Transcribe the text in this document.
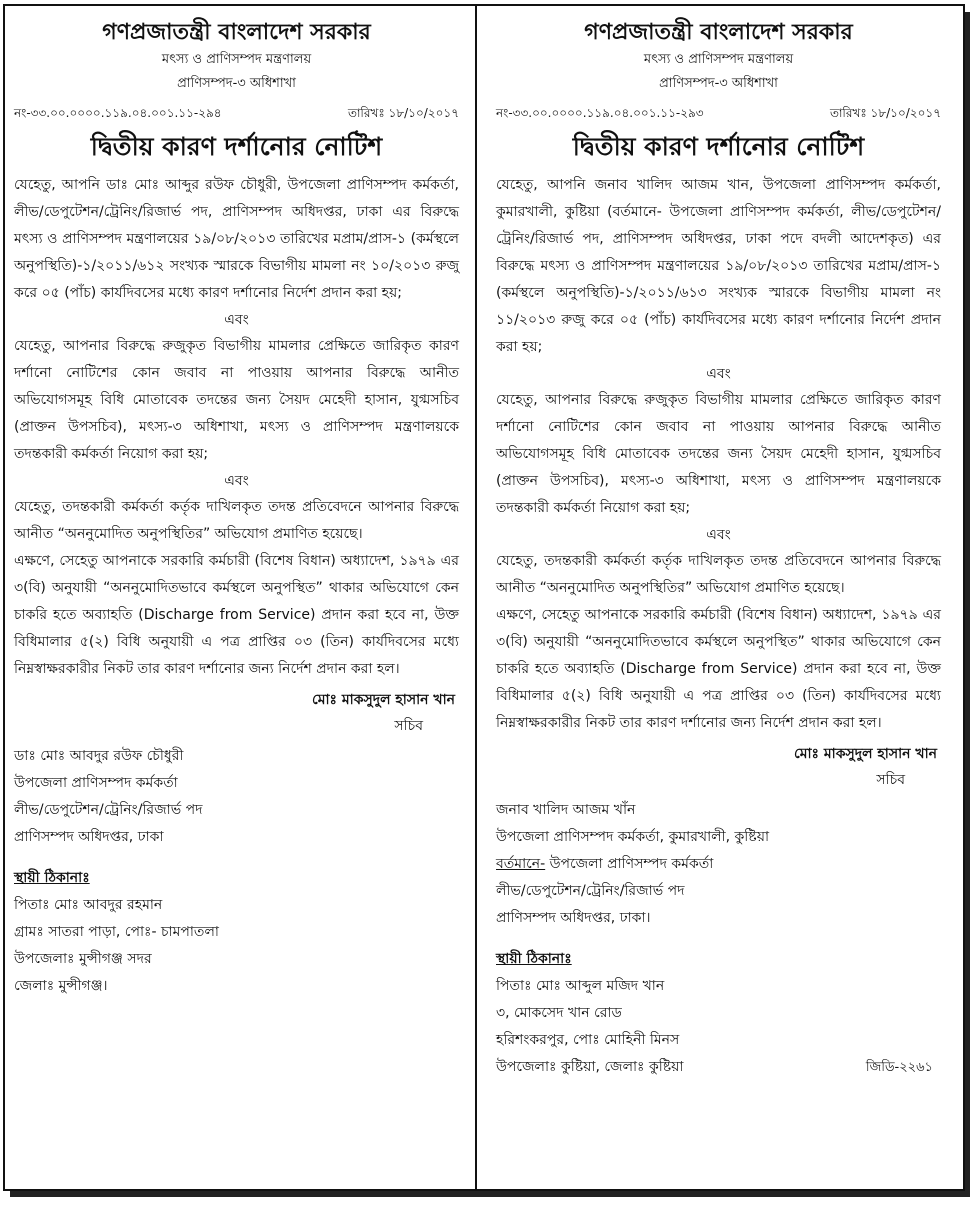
গণপ্রজাতন্ত্রী বাংলাদেশ সরকার

মৎস্য ও প্রাণিসম্পদ মন্ত্রণালয়

প্রাণিসম্পদ-৩ অধিশাখা

নং-৩৩.০০.০০০০.১১৯.০৪.০০১.১১-২৯৪	তারিখঃ ১৮/১০/২০১৭

দ্বিতীয় কারণ দর্শানোর নোটিশ

যেহেতু, আপনি ডাঃ মোঃ আব্দুর রউফ চৌধুরী, উপজেলা প্রাণিসম্পদ কর্মকর্তা, লীভ/ডেপুটেশন/ট্রেনিং/রিজার্ভ পদ, প্রাণিসম্পদ অধিদপ্তর, ঢাকা এর বিরুদ্ধে মৎস্য ও প্রাণিসম্পদ মন্ত্রণালয়ের ১৯/০৮/২০১৩ তারিখের মপ্রাম/প্রাস-১ (কর্মস্থলে অনুপস্থিতি)-১/২০১১/৬১২ সংখ্যক স্মারকে বিভাগীয় মামলা নং ১০/২০১৩ রুজু করে ০৫ (পাঁচ) কার্যদিবসের মধ্যে কারণ দর্শানোর নির্দেশ প্রদান করা হয়;

এবং

যেহেতু, আপনার বিরুদ্ধে রুজুকৃত বিভাগীয় মামলার প্রেক্ষিতে জারিকৃত কারণ দর্শানো নোটিশের কোন জবাব না পাওয়ায় আপনার বিরুদ্ধে আনীত অভিযোগসমূহ বিধি মোতাবেক তদন্তের জন্য সৈয়দ মেহেদী হাসান, যুগ্মসচিব (প্রাক্তন উপসচিব), মৎস্য-৩ অধিশাখা, মৎস্য ও প্রাণিসম্পদ মন্ত্রণালয়কে তদন্তকারী কর্মকর্তা নিয়োগ করা হয়;

এবং

যেহেতু, তদন্তকারী কর্মকর্তা কর্তৃক দাখিলকৃত তদন্ত প্রতিবেদনে আপনার বিরুদ্ধে আনীত “অননুমোদিত অনুপস্থিতির” অভিযোগ প্রমাণিত হয়েছে।

এক্ষণে, সেহেতু আপনাকে সরকারি কর্মচারী (বিশেষ বিধান) অধ্যাদেশ, ১৯৭৯ এর ৩(বি) অনুযায়ী “অননুমোদিতভাবে কর্মস্থলে অনুপস্থিত” থাকার অভিযোগে কেন চাকরি হতে অব্যাহতি (Discharge from Service) প্রদান করা হবে না, উক্ত বিধিমালার ৫(২) বিধি অনুযায়ী এ পত্র প্রাপ্তির ০৩ (তিন) কার্যদিবসের মধ্যে নিম্নস্বাক্ষরকারীর নিকট তার কারণ দর্শানোর জন্য নির্দেশ প্রদান করা হল।

মোঃ মাকসুদুল হাসান খান

সচিব

ডাঃ মোঃ আবদুর রউফ চৌধুরী
উপজেলা প্রাণিসম্পদ কর্মকর্তা
লীভ/ডেপুটেশন/ট্রেনিং/রিজার্ভ পদ
প্রাণিসম্পদ অধিদপ্তর, ঢাকা
স্থায়ী ঠিকানাঃ
পিতাঃ মোঃ আবদুর রহমান
গ্রামঃ সাতরা পাড়া, পোঃ- চামপাতলা
উপজেলাঃ মুন্সীগঞ্জ সদর
জেলাঃ মুন্সীগঞ্জ।

গণপ্রজাতন্ত্রী বাংলাদেশ সরকার

মৎস্য ও প্রাণিসম্পদ মন্ত্রণালয়

প্রাণিসম্পদ-৩ অধিশাখা

নং-৩৩.০০.০০০০.১১৯.০৪.০০১.১১-২৯৩	তারিখঃ ১৮/১০/২০১৭

দ্বিতীয় কারণ দর্শানোর নোটিশ

যেহেতু, আপনি জনাব খালিদ আজম খান, উপজেলা প্রাণিসম্পদ কর্মকর্তা, কুমারখালী, কুষ্টিয়া (বর্তমানে- উপজেলা প্রাণিসম্পদ কর্মকর্তা, লীভ/ডেপুটেশন/ট্রেনিং/রিজার্ভ পদ, প্রাণিসম্পদ অধিদপ্তর, ঢাকা পদে বদলী আদেশকৃত) এর বিরুদ্ধে মৎস্য ও প্রাণিসম্পদ মন্ত্রণালয়ের ১৯/০৮/২০১৩ তারিখের মপ্রাম/প্রাস-১ (কর্মস্থলে অনুপস্থিতি)-১/২০১১/৬১৩ সংখ্যক স্মারকে বিভাগীয় মামলা নং ১১/২০১৩ রুজু করে ০৫ (পাঁচ) কার্যদিবসের মধ্যে কারণ দর্শানোর নির্দেশ প্রদান করা হয়;

এবং

যেহেতু, আপনার বিরুদ্ধে রুজুকৃত বিভাগীয় মামলার প্রেক্ষিতে জারিকৃত কারণ দর্শানো নোটিশের কোন জবাব না পাওয়ায় আপনার বিরুদ্ধে আনীত অভিযোগসমূহ বিধি মোতাবেক তদন্তের জন্য সৈয়দ মেহেদী হাসান, যুগ্মসচিব (প্রাক্তন উপসচিব), মৎস্য-৩ অধিশাখা, মৎস্য ও প্রাণিসম্পদ মন্ত্রণালয়কে তদন্তকারী কর্মকর্তা নিয়োগ করা হয়;

এবং

যেহেতু, তদন্তকারী কর্মকর্তা কর্তৃক দাখিলকৃত তদন্ত প্রতিবেদনে আপনার বিরুদ্ধে আনীত “অননুমোদিত অনুপস্থিতির” অভিযোগ প্রমাণিত হয়েছে।

এক্ষণে, সেহেতু আপনাকে সরকারি কর্মচারী (বিশেষ বিধান) অধ্যাদেশ, ১৯৭৯ এর ৩(বি) অনুযায়ী “অননুমোদিতভাবে কর্মস্থলে অনুপস্থিত” থাকার অভিযোগে কেন চাকরি হতে অব্যাহতি (Discharge from Service) প্রদান করা হবে না, উক্ত বিধিমালার ৫(২) বিধি অনুযায়ী এ পত্র প্রাপ্তির ০৩ (তিন) কার্যদিবসের মধ্যে নিম্নস্বাক্ষরকারীর নিকট তার কারণ দর্শানোর জন্য নির্দেশ প্রদান করা হল।

মোঃ মাকসুদুল হাসান খান

সচিব

জনাব খালিদ আজম খাঁন
উপজেলা প্রাণিসম্পদ কর্মকর্তা, কুমারখালী, কুষ্টিয়া
বর্তমানে- উপজেলা প্রাণিসম্পদ কর্মকর্তা
লীভ/ডেপুটেশন/ট্রেনিং/রিজার্ভ পদ
প্রাণিসম্পদ অধিদপ্তর, ঢাকা।
স্থায়ী ঠিকানাঃ
পিতাঃ মোঃ আব্দুল মজিদ খান
৩, মোকসেদ খান রোড
হরিশংকরপুর, পোঃ মোহিনী মিনস
উপজেলাঃ কুষ্টিয়া, জেলাঃ কুষ্টিয়া	জিডি-২২৬১
